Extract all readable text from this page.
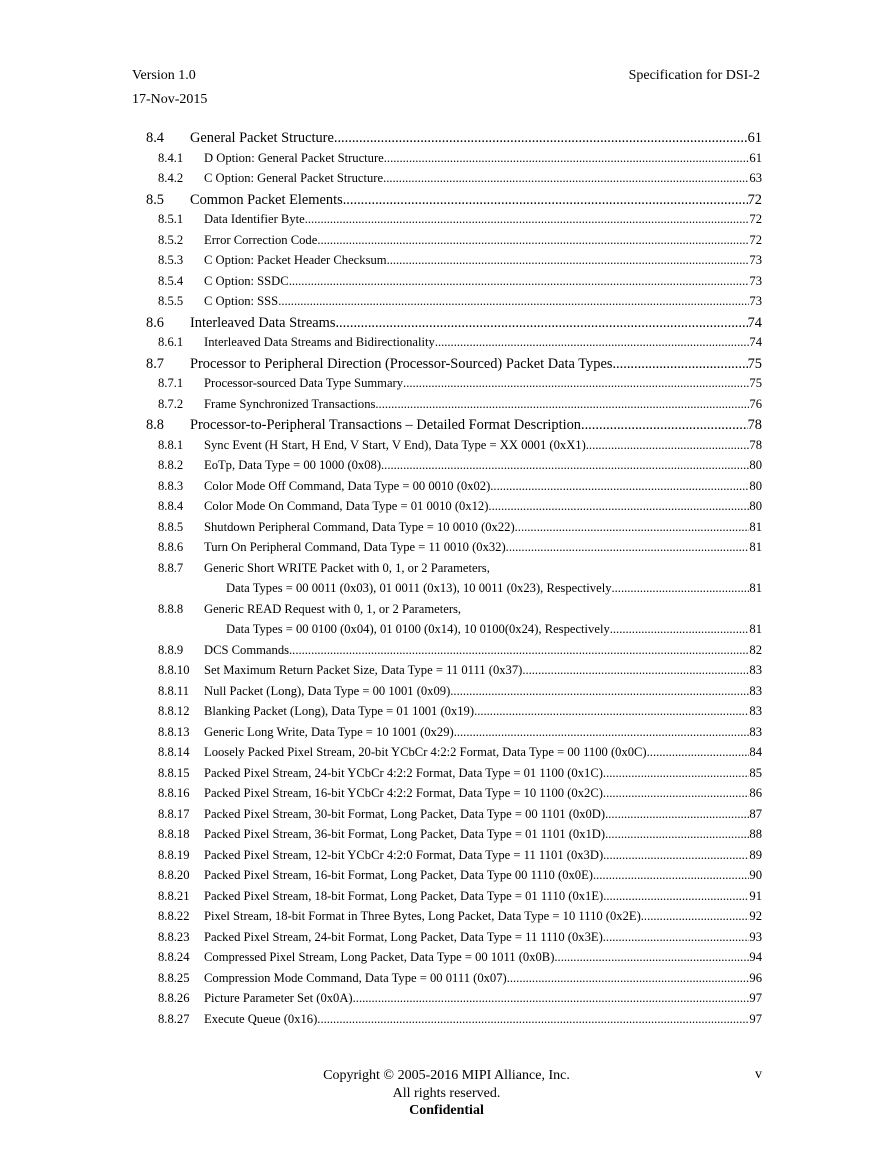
Version 1.0
17-Nov-2015
Specification for DSI-2
8.4	General Packet Structure .....	61
8.4.1	D Option: General Packet Structure .....	61
8.4.2	C Option: General Packet Structure .....	63
8.5	Common Packet Elements .....	72
8.5.1	Data Identifier Byte .....	72
8.5.2	Error Correction Code .....	72
8.5.3	C Option: Packet Header Checksum .....	73
8.5.4	C Option: SSDC .....	73
8.5.5	C Option: SSS .....	73
8.6	Interleaved Data Streams .....	74
8.6.1	Interleaved Data Streams and Bidirectionality .....	74
8.7	Processor to Peripheral Direction (Processor-Sourced) Packet Data Types .....	75
8.7.1	Processor-sourced Data Type Summary .....	75
8.7.2	Frame Synchronized Transactions .....	76
8.8	Processor-to-Peripheral Transactions – Detailed Format Description .....	78
8.8.1	Sync Event (H Start, H End, V Start, V End), Data Type = XX 0001 (0xX1) .....	78
8.8.2	EoTp, Data Type = 00 1000 (0x08) .....	80
8.8.3	Color Mode Off Command, Data Type = 00 0010 (0x02) .....	80
8.8.4	Color Mode On Command, Data Type = 01 0010 (0x12) .....	80
8.8.5	Shutdown Peripheral Command, Data Type = 10 0010 (0x22) .....	81
8.8.6	Turn On Peripheral Command, Data Type = 11 0010 (0x32) .....	81
8.8.7	Generic Short WRITE Packet with 0, 1, or 2 Parameters,
Data Types = 00 0011 (0x03), 01 0011 (0x13), 10 0011 (0x23), Respectively .....	81
8.8.8	Generic READ Request with 0, 1, or 2 Parameters,
Data Types = 00 0100 (0x04), 01 0100 (0x14), 10 0100(0x24), Respectively .....	81
8.8.9	DCS Commands .....	82
8.8.10	Set Maximum Return Packet Size, Data Type = 11 0111 (0x37) .....	83
8.8.11	Null Packet (Long), Data Type = 00 1001 (0x09) .....	83
8.8.12	Blanking Packet (Long), Data Type = 01 1001 (0x19) .....	83
8.8.13	Generic Long Write, Data Type = 10 1001 (0x29) .....	83
8.8.14	Loosely Packed Pixel Stream, 20-bit YCbCr 4:2:2 Format, Data Type = 00 1100 (0x0C) .....	84
8.8.15	Packed Pixel Stream, 24-bit YCbCr 4:2:2 Format, Data Type = 01 1100 (0x1C) .....	85
8.8.16	Packed Pixel Stream, 16-bit YCbCr 4:2:2 Format, Data Type = 10 1100 (0x2C) .....	86
8.8.17	Packed Pixel Stream, 30-bit Format, Long Packet, Data Type = 00 1101 (0x0D) .....	87
8.8.18	Packed Pixel Stream, 36-bit Format, Long Packet, Data Type = 01 1101 (0x1D) .....	88
8.8.19	Packed Pixel Stream, 12-bit YCbCr 4:2:0 Format, Data Type = 11 1101 (0x3D) .....	89
8.8.20	Packed Pixel Stream, 16-bit Format, Long Packet, Data Type 00 1110 (0x0E) .....	90
8.8.21	Packed Pixel Stream, 18-bit Format, Long Packet, Data Type = 01 1110 (0x1E) .....	91
8.8.22	Pixel Stream, 18-bit Format in Three Bytes, Long Packet, Data Type = 10 1110 (0x2E) .....	92
8.8.23	Packed Pixel Stream, 24-bit Format, Long Packet, Data Type = 11 1110 (0x3E) .....	93
8.8.24	Compressed Pixel Stream, Long Packet, Data Type = 00 1011 (0x0B) .....	94
8.8.25	Compression Mode Command, Data Type = 00 0111 (0x07) .....	96
8.8.26	Picture Parameter Set (0x0A) .....	97
8.8.27	Execute Queue (0x16) .....	97
Copyright © 2005-2016 MIPI Alliance, Inc.
All rights reserved.
Confidential
v
